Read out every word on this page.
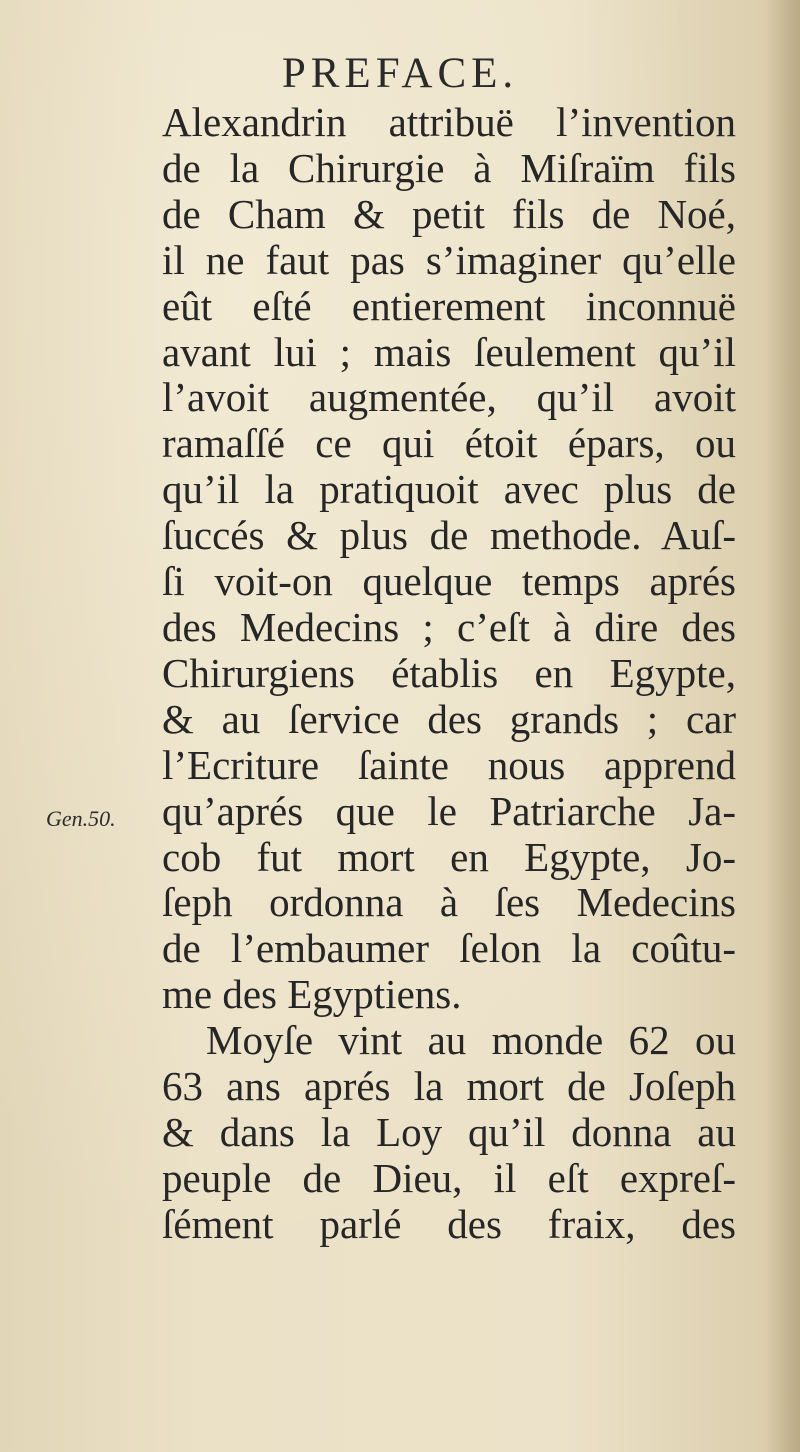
PREFACE.
Gen.50.
Alexandrin attribuë l’invention
de la Chirurgie à Miſraïm fils
de Cham & petit fils de Noé,
il ne faut pas s’imaginer qu’elle
eût eſté entierement inconnuë
avant lui ; mais ſeulement qu’il
l’avoit augmentée, qu’il avoit
ramaſſé ce qui étoit épars, ou
qu’il la pratiquoit avec plus de
ſuccés & plus de methode. Auſ-
ſi voit-on quelque temps aprés
des Medecins ; c’eſt à dire des
Chirurgiens établis en Egypte,
& au ſervice des grands ; car
l’Ecriture ſainte nous apprend
qu’aprés que le Patriarche Ja-
cob fut mort en Egypte, Jo-
ſeph ordonna à ſes Medecins
de l’embaumer ſelon la coûtu-
me des Egyptiens.
Moyſe vint au monde 62 ou
63 ans aprés la mort de Joſeph
& dans la Loy qu’il donna au
peuple de Dieu, il eſt expreſ-
ſément parlé des fraix, des
